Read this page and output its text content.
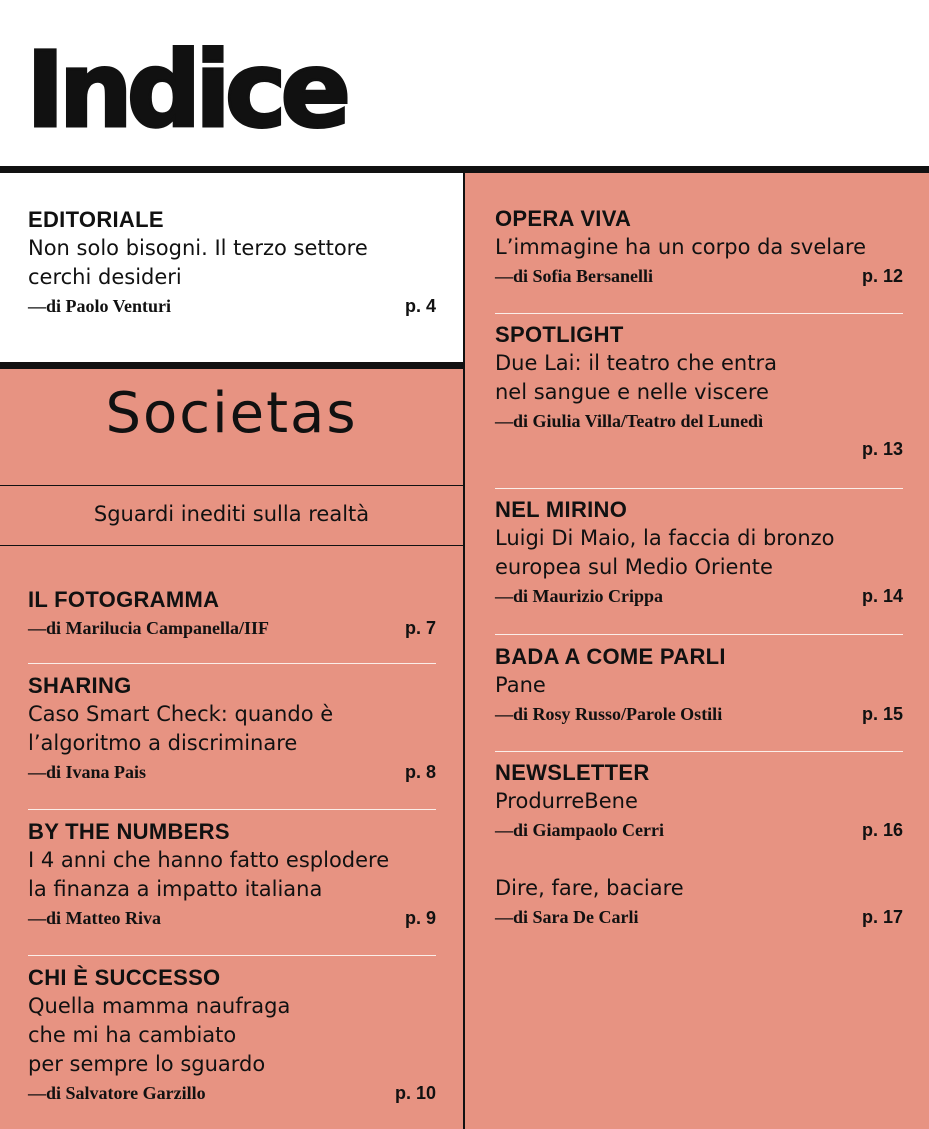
Indice
EDITORIALE
Non solo bisogni. Il terzo settore
cerchi desideri
—di Paolo Venturi	p. 4
Societas
Sguardi inediti sulla realtà
IL FOTOGRAMMA
—di Marilucia Campanella/IIF	p. 7
SHARING
Caso Smart Check: quando è
l’algoritmo a discriminare
—di Ivana Pais	p. 8
BY THE NUMBERS
I 4 anni che hanno fatto esplodere
la finanza a impatto italiana
—di Matteo Riva	p. 9
CHI È SUCCESSO
Quella mamma naufraga
che mi ha cambiato
per sempre lo sguardo
—di Salvatore Garzillo	p. 10
OPERA VIVA
L’immagine ha un corpo da svelare
—di Sofia Bersanelli	p. 12
SPOTLIGHT
Due Lai: il teatro che entra
nel sangue e nelle viscere
—di Giulia Villa/Teatro del Lunedì
p. 13
NEL MIRINO
Luigi Di Maio, la faccia di bronzo
europea sul Medio Oriente
—di Maurizio Crippa	p. 14
BADA A COME PARLI
Pane
—di Rosy Russo/Parole Ostili	p. 15
NEWSLETTER
ProdurreBene
—di Giampaolo Cerri	p. 16
Dire, fare, baciare
—di Sara De Carli	p. 17
